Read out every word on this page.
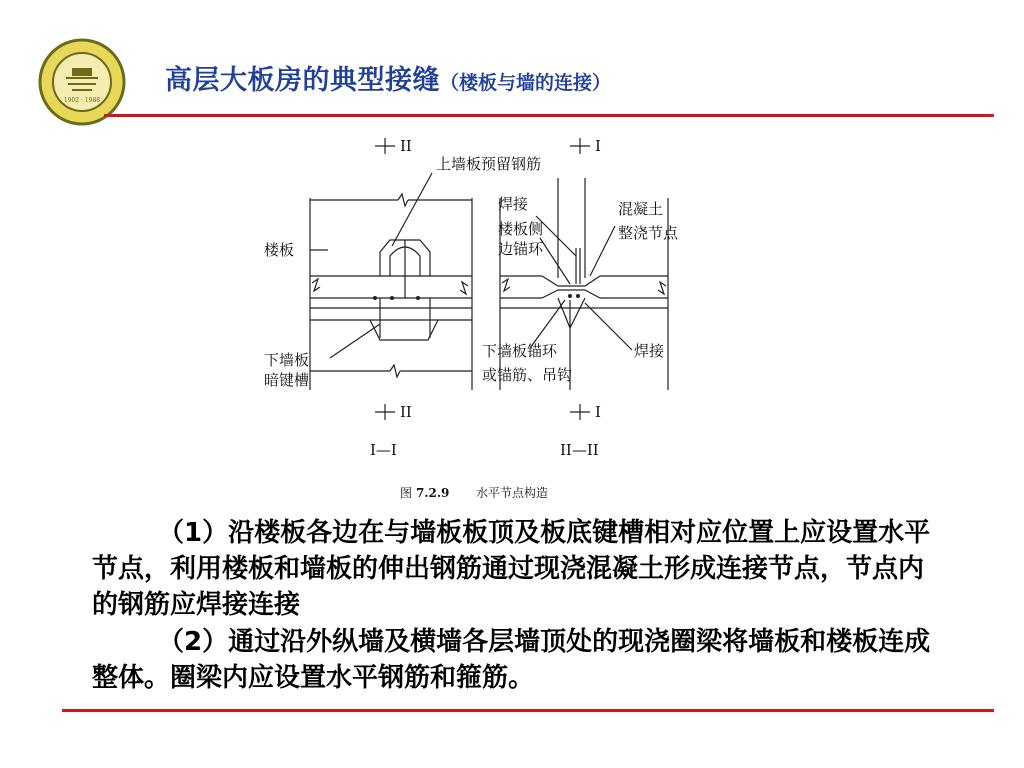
1902 · 1988
高层大板房的典型接缝（楼板与墙的连接）
II	I
II	I
上墙板预留钢筋
楼板
下墙板
暗键槽
焊接
楼板侧
边锚环
混凝土
整浇节点
下墙板锚环
或锚筋、吊钩
焊接
I—I	II—II
图 7.2.9 水平节点构造
（1）沿楼板各边在与墙板板顶及板底键槽相对应位置上应设置水平节点，利用楼板和墙板的伸出钢筋通过现浇混凝土形成连接节点，节点内的钢筋应焊接连接
（2）通过沿外纵墙及横墙各层墙顶处的现浇圈梁将墙板和楼板连成整体。圈梁内应设置水平钢筋和箍筋。
